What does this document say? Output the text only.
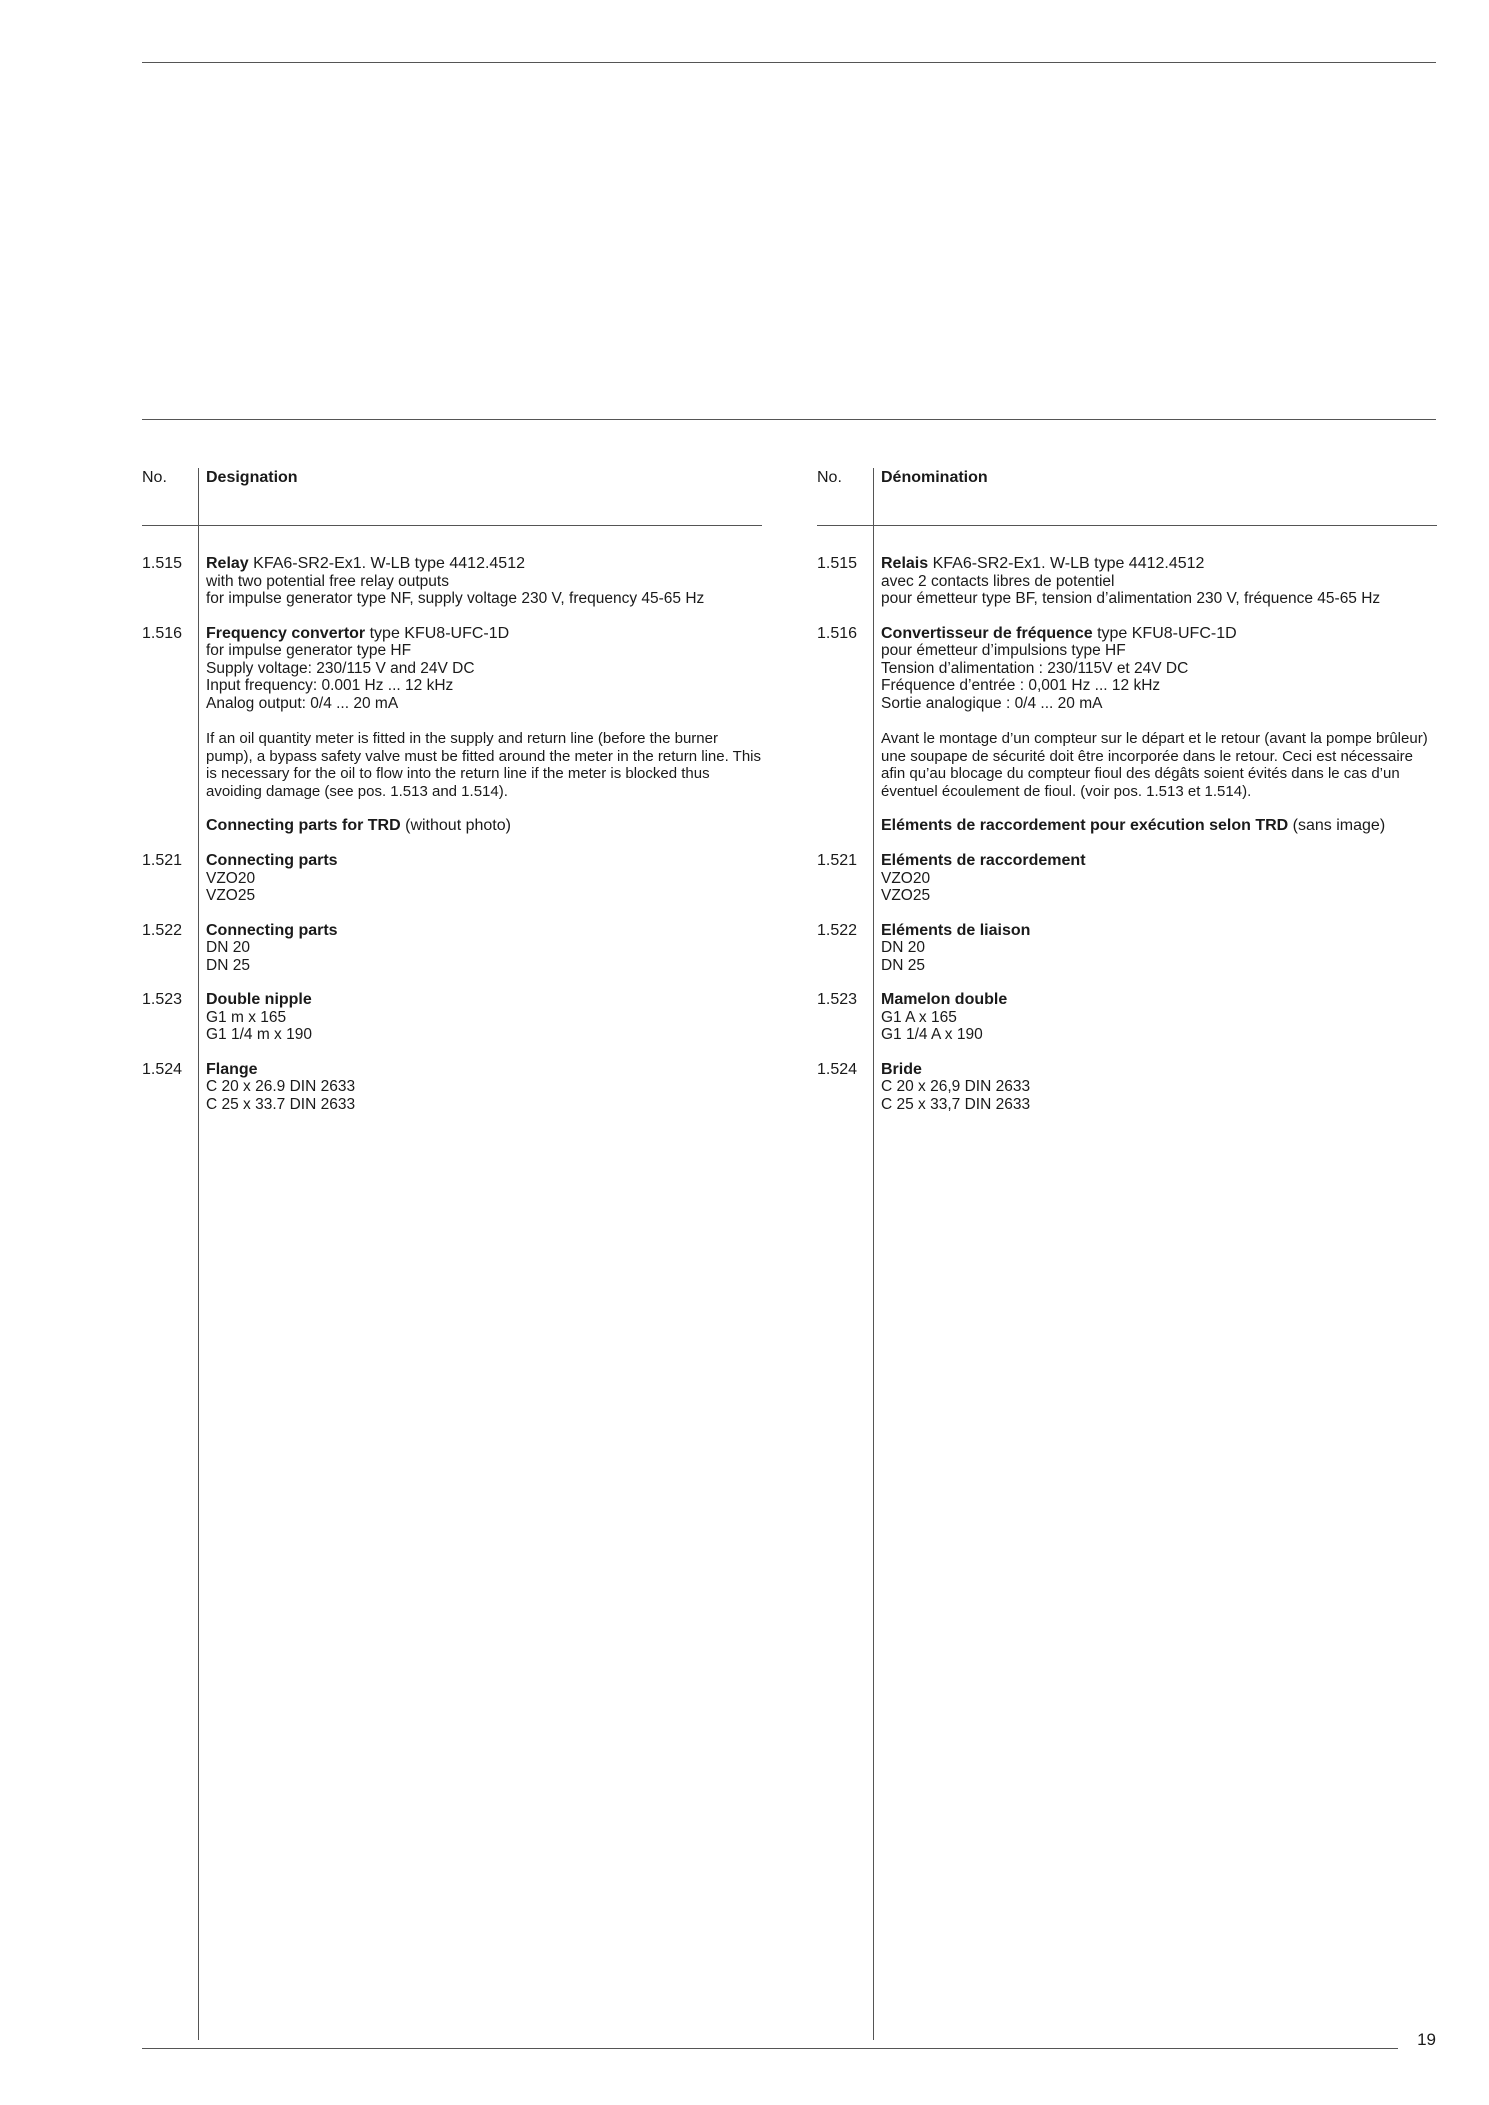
No. Designation
1.515 Relay KFA6-SR2-Ex1. W-LB type 4412.4512
with two potential free relay outputs
for impulse generator type NF, supply voltage 230 V, frequency 45-65 Hz
1.516 Frequency convertor type KFU8-UFC-1D
for impulse generator type HF
Supply voltage: 230/115 V and 24V DC
Input frequency: 0.001 Hz ... 12 kHz
Analog output: 0/4 ... 20 mA
If an oil quantity meter is fitted in the supply and return line (before the burner pump), a bypass safety valve must be fitted around the meter in the return line. This is necessary for the oil to flow into the return line if the meter is blocked thus avoiding damage (see pos. 1.513 and 1.514).
Connecting parts for TRD (without photo)
1.521 Connecting parts
VZO20
VZO25
1.522 Connecting parts
DN 20
DN 25
1.523 Double nipple
G1 m x 165
G1 1/4 m x 190
1.524 Flange
C 20 x 26.9 DIN 2633
C 25 x 33.7 DIN 2633
No. Dénomination
1.515 Relais KFA6-SR2-Ex1. W-LB type 4412.4512
avec 2 contacts libres de potentiel
pour émetteur type BF, tension d’alimentation 230 V, fréquence 45-65 Hz
1.516 Convertisseur de fréquence type KFU8-UFC-1D
pour émetteur d’impulsions type HF
Tension d’alimentation : 230/115V et 24V DC
Fréquence d’entrée : 0,001 Hz ... 12 kHz
Sortie analogique : 0/4 ... 20 mA
Avant le montage d’un compteur sur le départ et le retour (avant la pompe brûleur) une soupape de sécurité doit être incorporée dans le retour. Ceci est nécessaire afin qu’au blocage du compteur fioul des dégâts soient évités dans le cas d’un éventuel écoulement de fioul. (voir pos. 1.513 et 1.514).
Eléments de raccordement pour exécution selon TRD (sans image)
1.521 Eléments de raccordement
VZO20
VZO25
1.522 Eléments de liaison
DN 20
DN 25
1.523 Mamelon double
G1 A x 165
G1 1/4 A x 190
1.524 Bride
C 20 x 26,9 DIN 2633
C 25 x 33,7 DIN 2633
19
